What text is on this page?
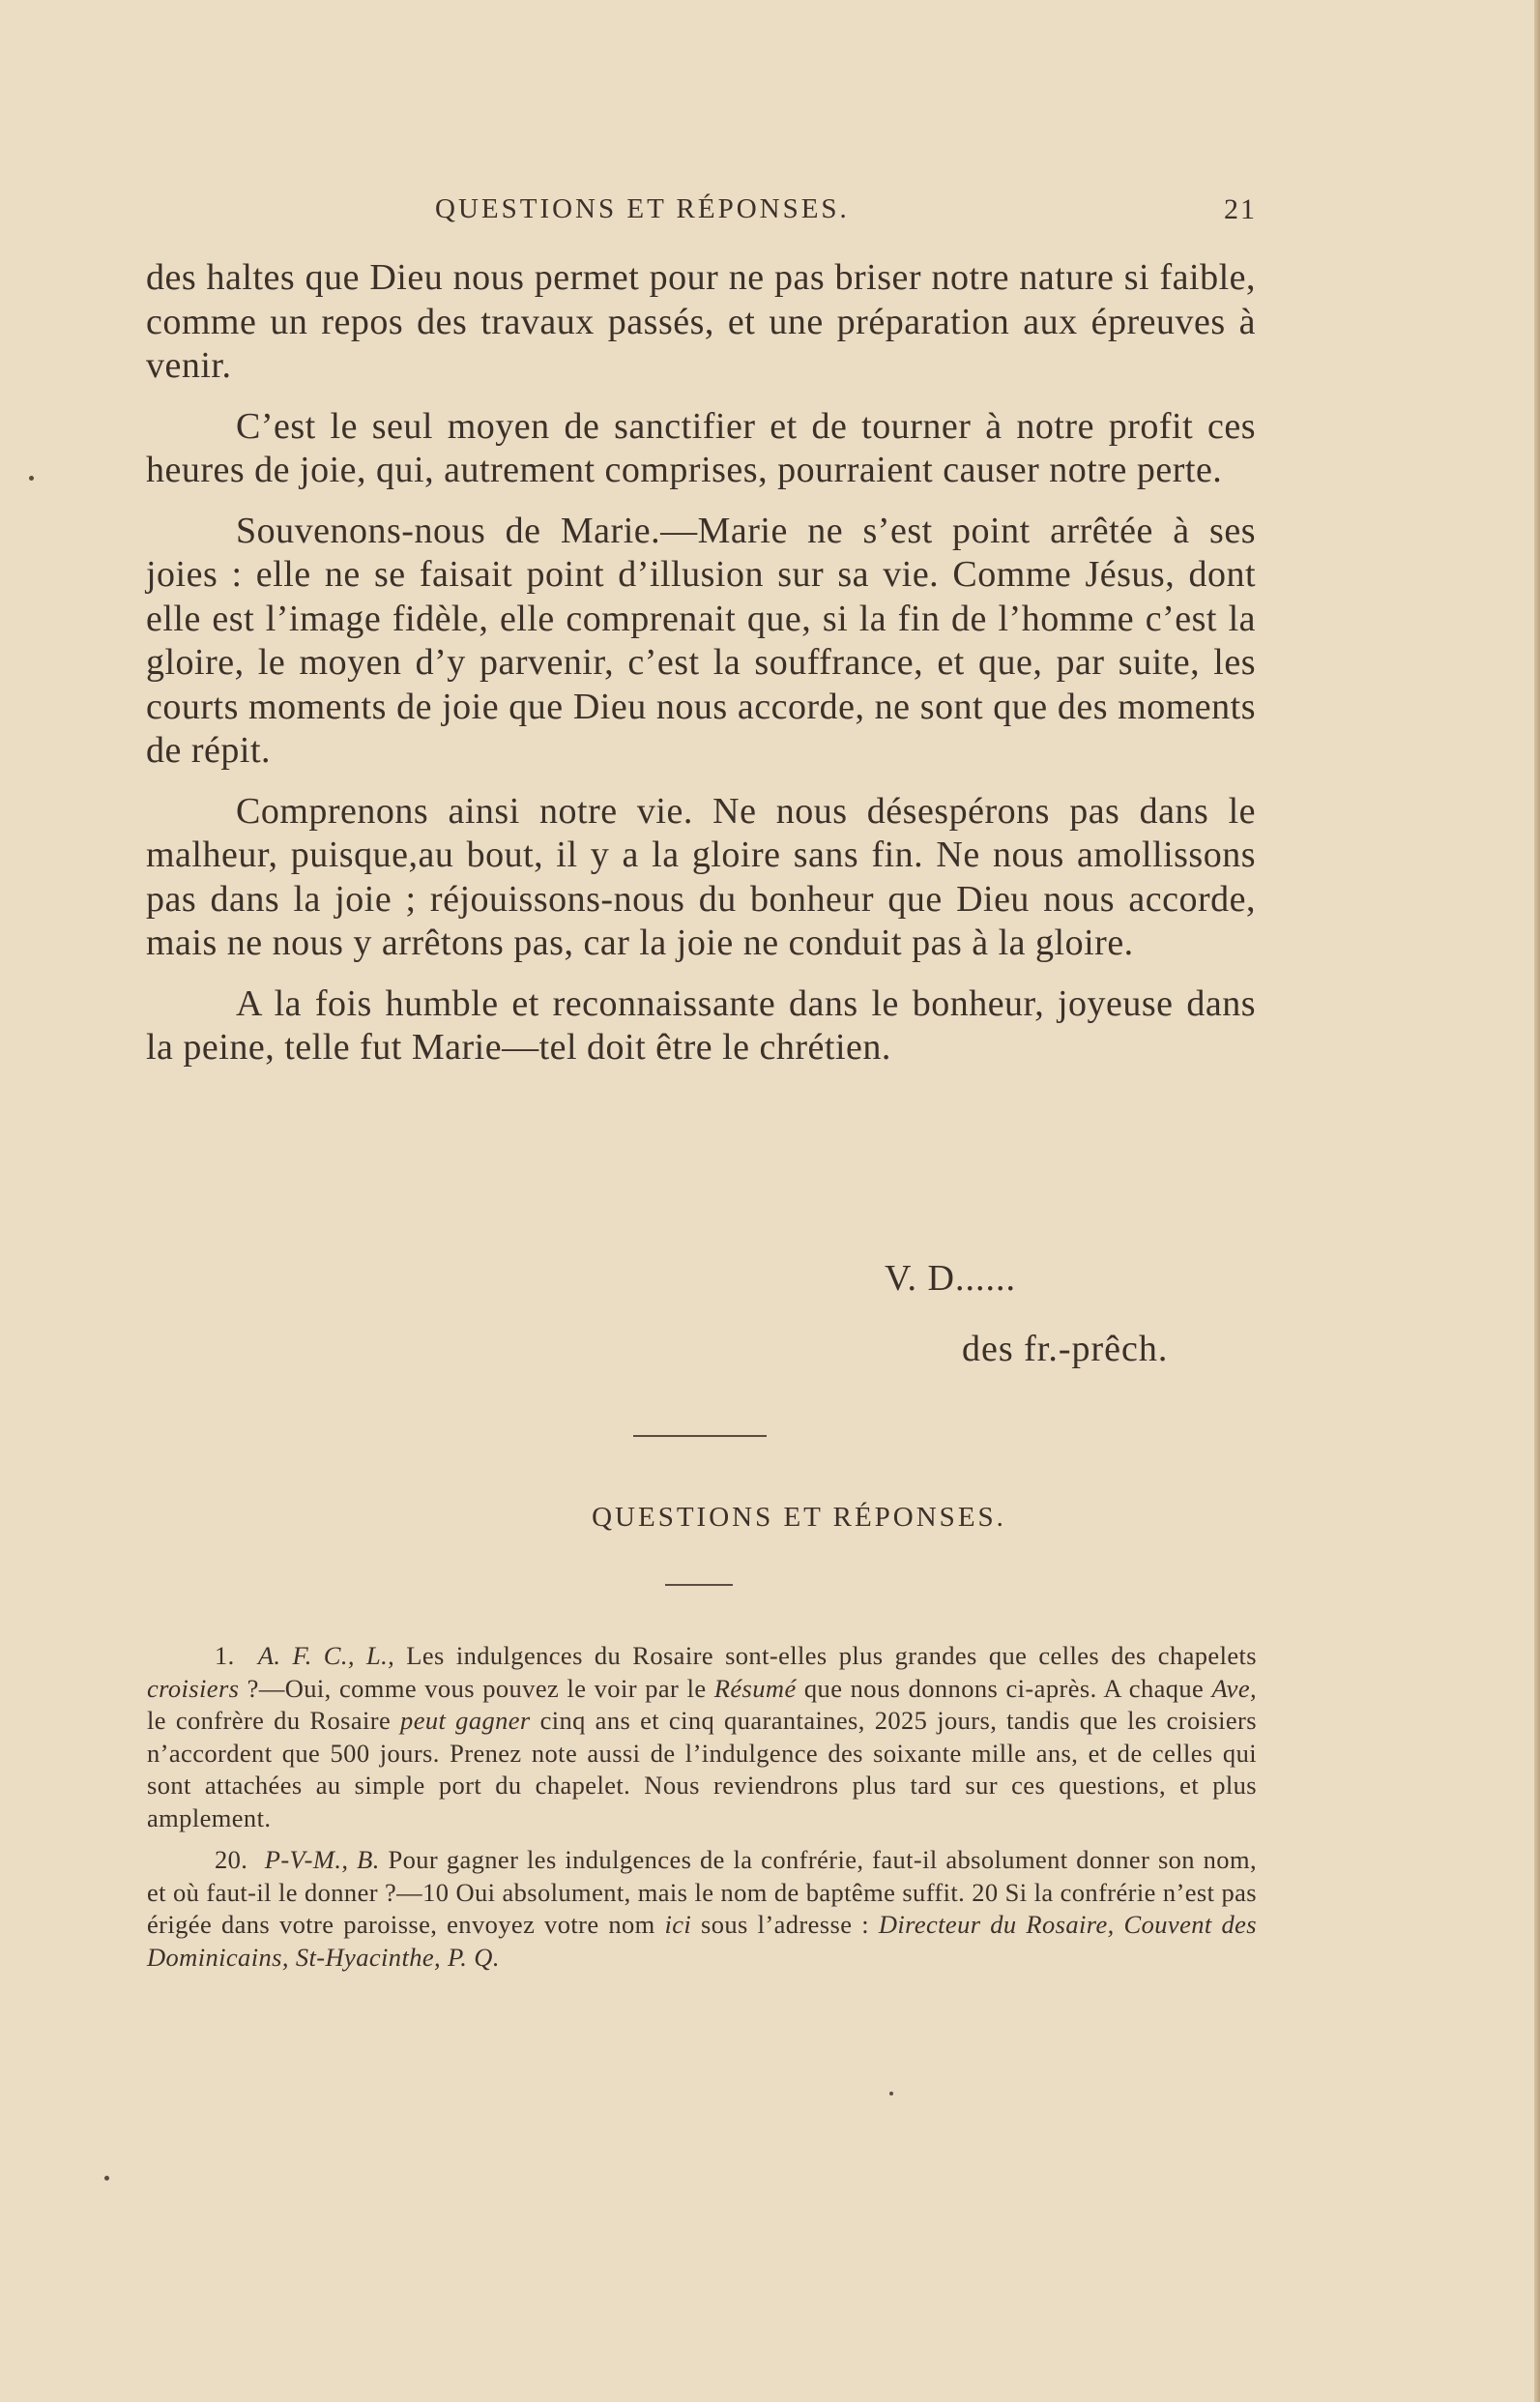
QUESTIONS ET RÉPONSES.	21

des haltes que Dieu nous permet pour ne pas briser notre nature si faible, comme un repos des travaux passés, et une préparation aux épreuves à venir.

C’est le seul moyen de sanctifier et de tourner à notre profit ces heures de joie, qui, autrement comprises, pourraient causer notre perte.

Souvenons-nous de Marie.—Marie ne s’est point arrêtée à ses joies : elle ne se faisait point d’illusion sur sa vie. Comme Jésus, dont elle est l’image fidèle, elle comprenait que, si la fin de l’homme c’est la gloire, le moyen d’y parvenir, c’est la souffrance, et que, par suite, les courts moments de joie que Dieu nous accorde, ne sont que des moments de répit.

Comprenons ainsi notre vie. Ne nous désespérons pas dans le malheur, puisque,au bout, il y a la gloire sans fin. Ne nous amollissons pas dans la joie ; réjouissons-nous du bonheur que Dieu nous accorde, mais ne nous y arrêtons pas, car la joie ne conduit pas à la gloire.

A la fois humble et reconnaissante dans le bonheur, joyeuse dans la peine, telle fut Marie—tel doit être le chrétien.

V. D......
des fr.-prêch.
QUESTIONS ET RÉPONSES.

1. A. F. C., L., Les indulgences du Rosaire sont-elles plus grandes que celles des chapelets croisiers ?—Oui, comme vous pouvez le voir par le Résumé que nous donnons ci-après. A chaque Ave, le confrère du Rosaire peut gagner cinq ans et cinq quarantaines, 2025 jours, tandis que les croisiers n’accordent que 500 jours. Prenez note aussi de l’indulgence des soixante mille ans, et de celles qui sont attachées au simple port du chapelet. Nous reviendrons plus tard sur ces questions, et plus amplement.

20. P-V-M., B. Pour gagner les indulgences de la confrérie, faut-il absolument donner son nom, et où faut-il le donner ?—10 Oui absolument, mais le nom de baptême suffit. 20 Si la confrérie n’est pas érigée dans votre paroisse, envoyez votre nom ici sous l’adresse : Directeur du Rosaire, Couvent des Dominicains, St-Hyacinthe, P. Q.
